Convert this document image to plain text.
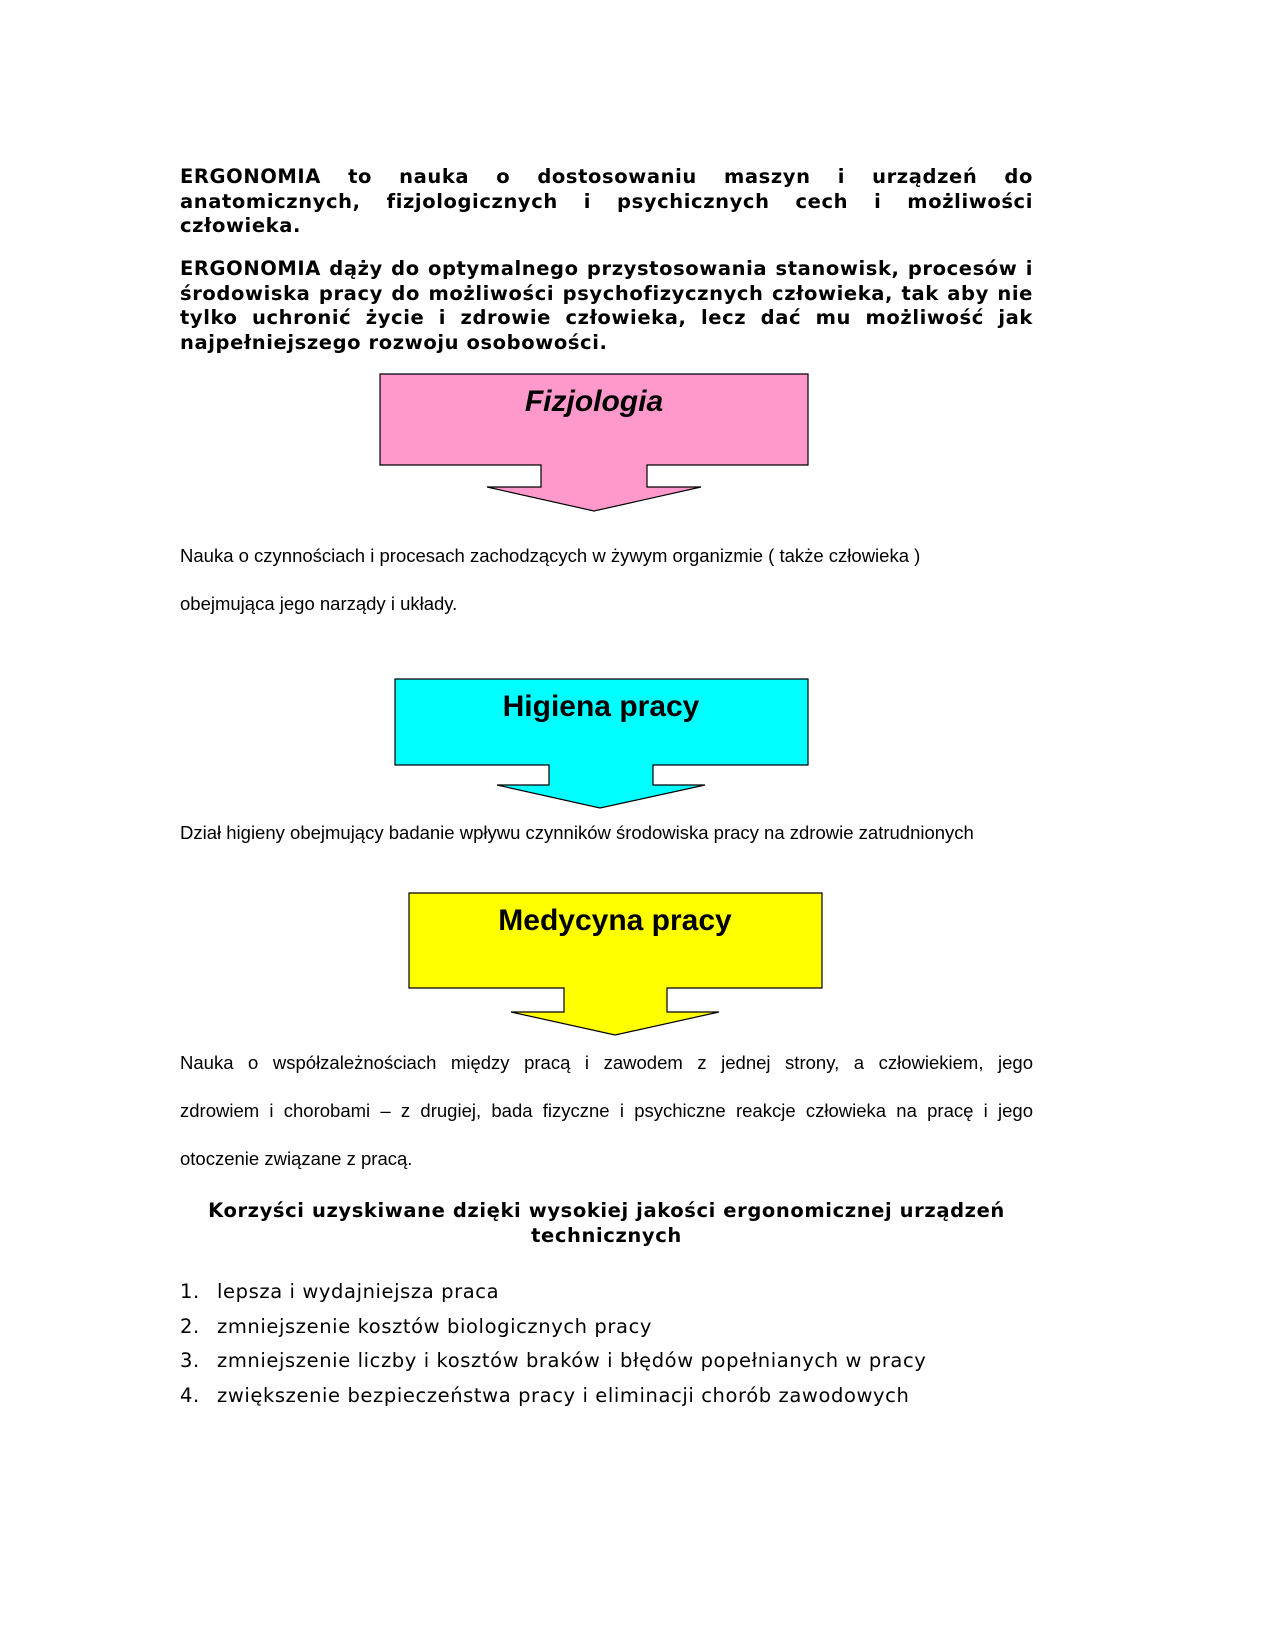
ERGONOMIA to nauka o dostosowaniu maszyn i urządzeń do anatomicznych, fizjologicznych i psychicznych cech i możliwości człowieka.

ERGONOMIA dąży do optymalnego przystosowania stanowisk, procesów i środowiska pracy do możliwości psychofizycznych człowieka, tak aby nie tylko uchronić życie i zdrowie człowieka, lecz dać mu możliwość jak najpełniejszego rozwoju osobowości.

Fizjologia

Nauka o czynnościach i procesach zachodzących w żywym organizmie ( także człowieka )

obejmująca jego narządy i układy.

Higiena pracy

Dział higieny obejmujący badanie wpływu czynników środowiska pracy na zdrowie zatrudnionych

Medycyna pracy
Nauka o współzależnościach między pracą i zawodem z jednej strony, a człowiekiem, jego
zdrowiem i chorobami – z drugiej, bada fizyczne i psychiczne reakcje człowieka na pracę i jego
otoczenie związane z pracą.

Korzyści uzyskiwane dzięki wysokiej jakości ergonomicznej urządzeń technicznych

1. lepsza i wydajniejsza praca
2. zmniejszenie kosztów biologicznych pracy
3. zmniejszenie liczby i kosztów braków i błędów popełnianych w pracy
4. zwiększenie bezpieczeństwa pracy i eliminacji chorób zawodowych
